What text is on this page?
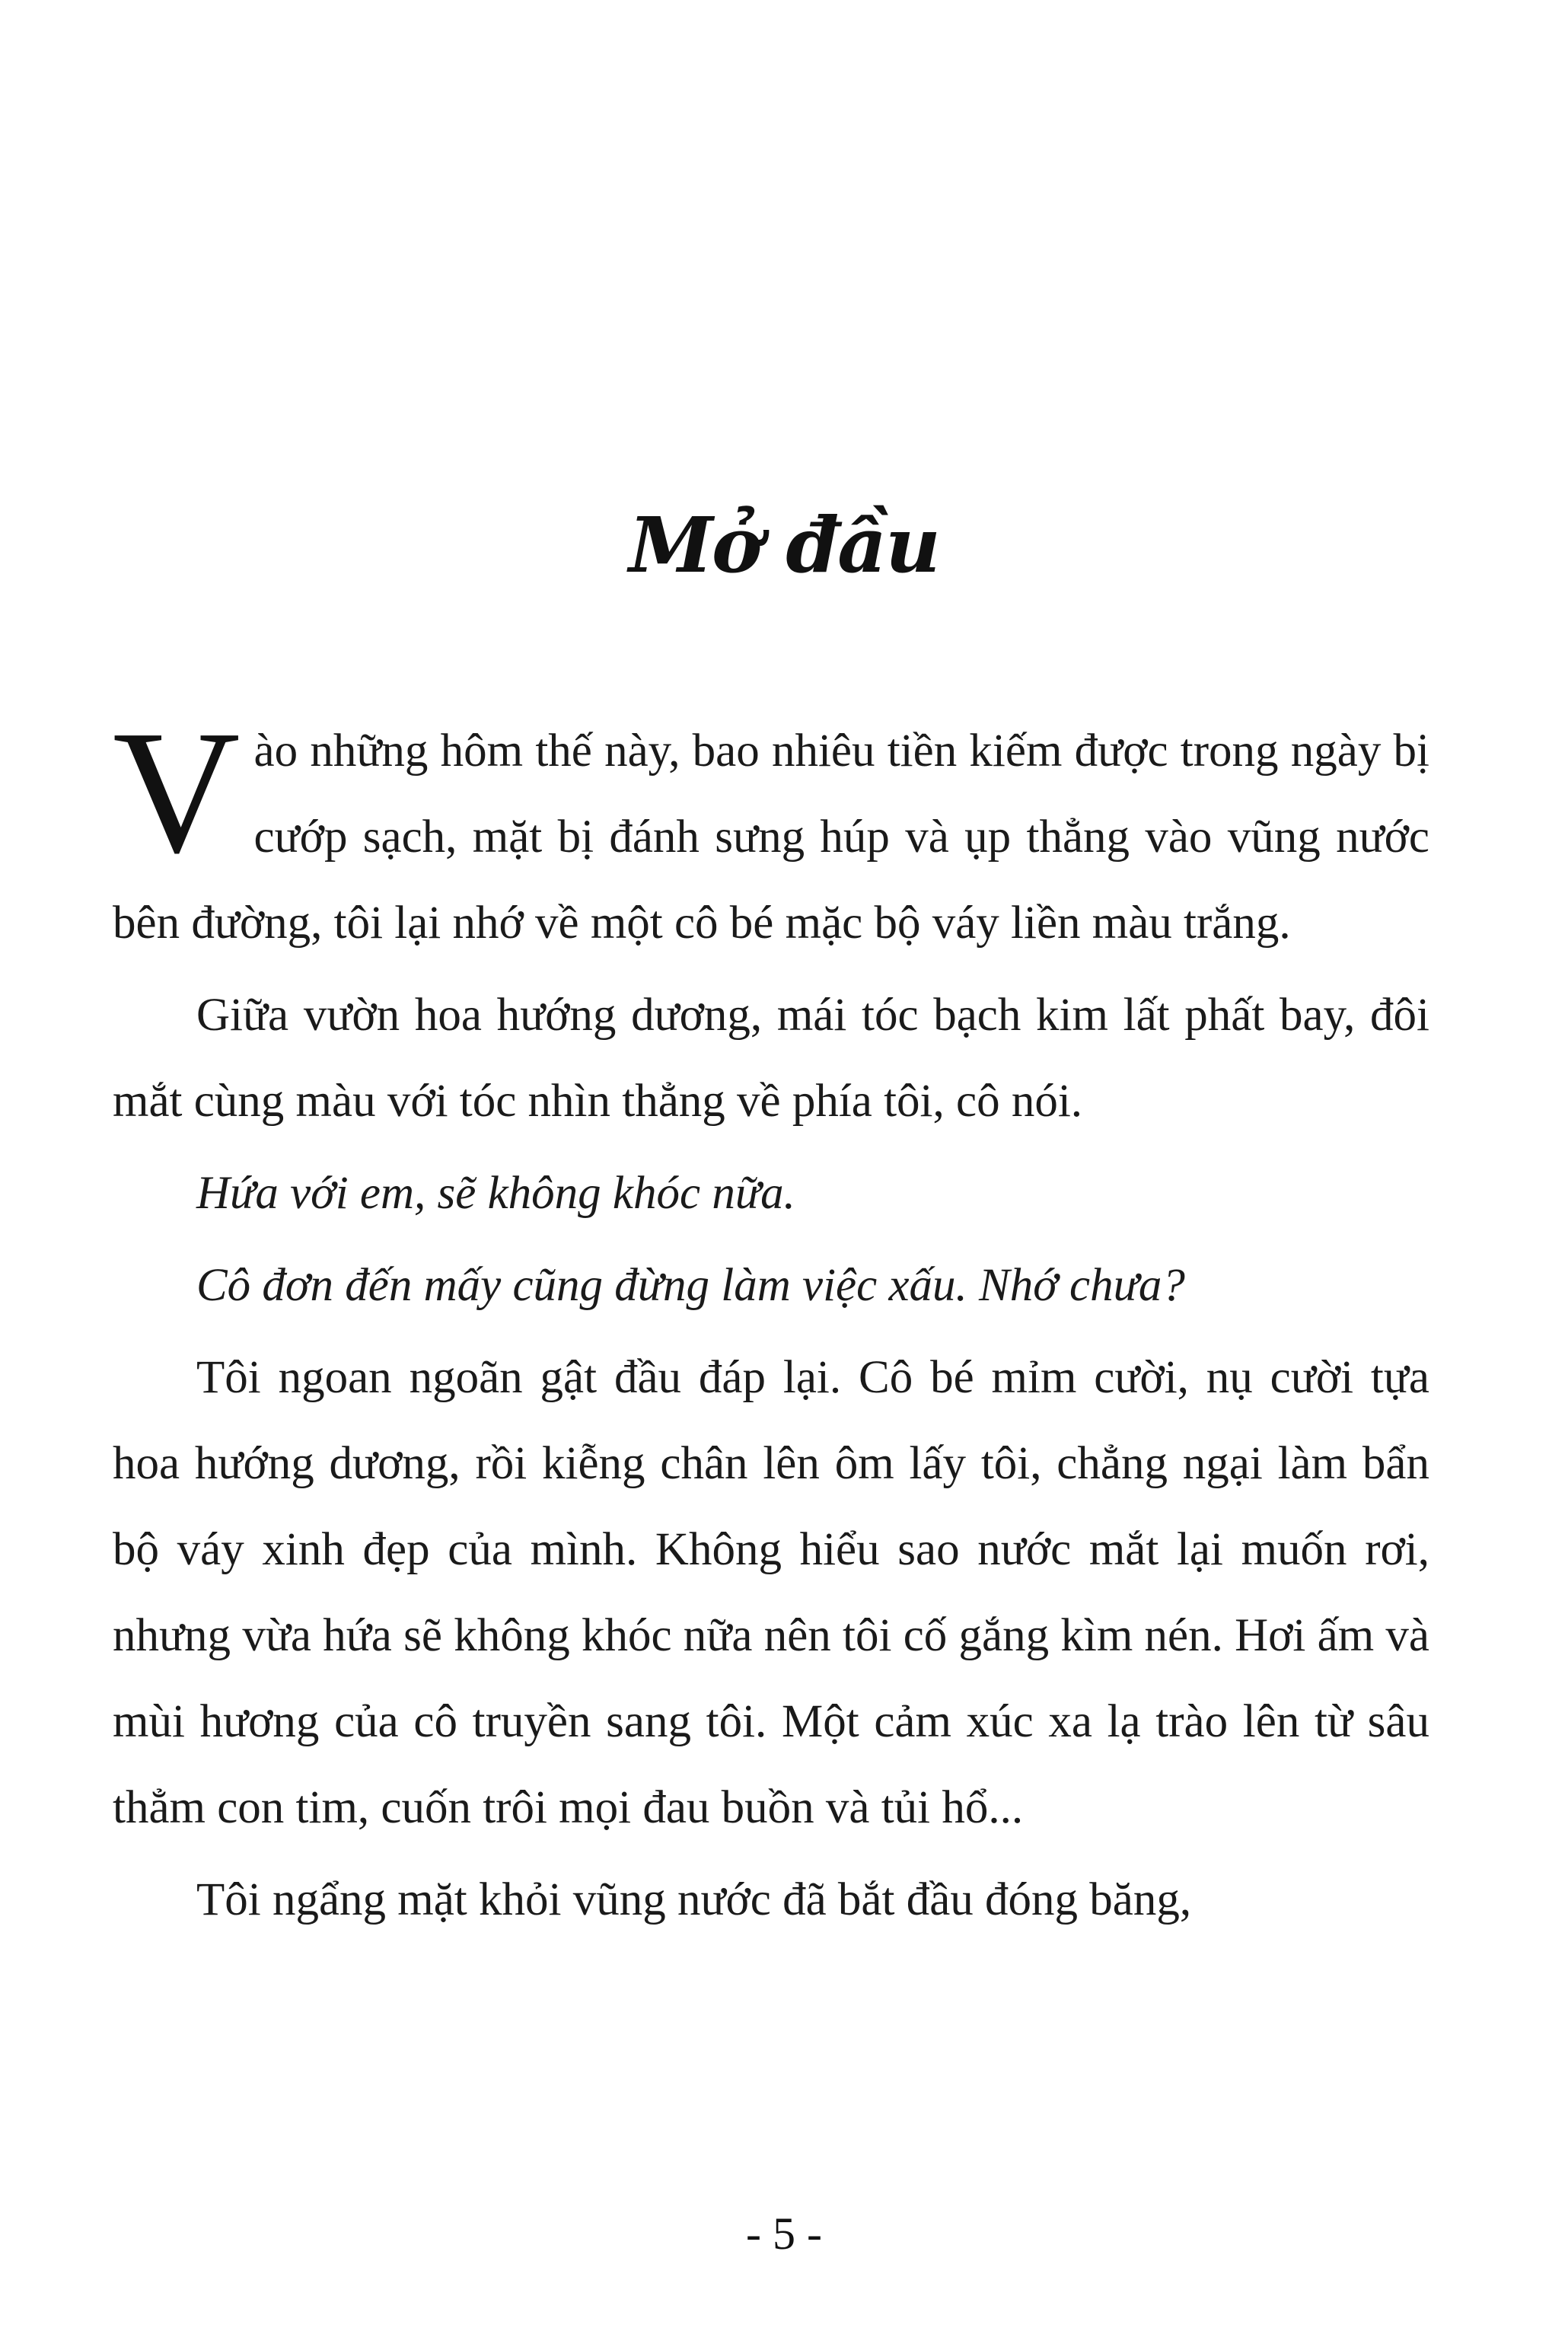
Mở đầu

Vào những hôm thế này, bao nhiêu tiền kiếm được trong ngày bị cướp sạch, mặt bị đánh sưng húp và ụp thẳng vào vũng nước bên đường, tôi lại nhớ về một cô bé mặc bộ váy liền màu trắng.

Giữa vườn hoa hướng dương, mái tóc bạch kim lất phất bay, đôi mắt cùng màu với tóc nhìn thẳng về phía tôi, cô nói.

Hứa với em, sẽ không khóc nữa.

Cô đơn đến mấy cũng đừng làm việc xấu. Nhớ chưa?

Tôi ngoan ngoãn gật đầu đáp lại. Cô bé mỉm cười, nụ cười tựa hoa hướng dương, rồi kiễng chân lên ôm lấy tôi, chẳng ngại làm bẩn bộ váy xinh đẹp của mình. Không hiểu sao nước mắt lại muốn rơi, nhưng vừa hứa sẽ không khóc nữa nên tôi cố gắng kìm nén. Hơi ấm và mùi hương của cô truyền sang tôi. Một cảm xúc xa lạ trào lên từ sâu thẳm con tim, cuốn trôi mọi đau buồn và tủi hổ...

Tôi ngẩng mặt khỏi vũng nước đã bắt đầu đóng băng,

- 5 -
